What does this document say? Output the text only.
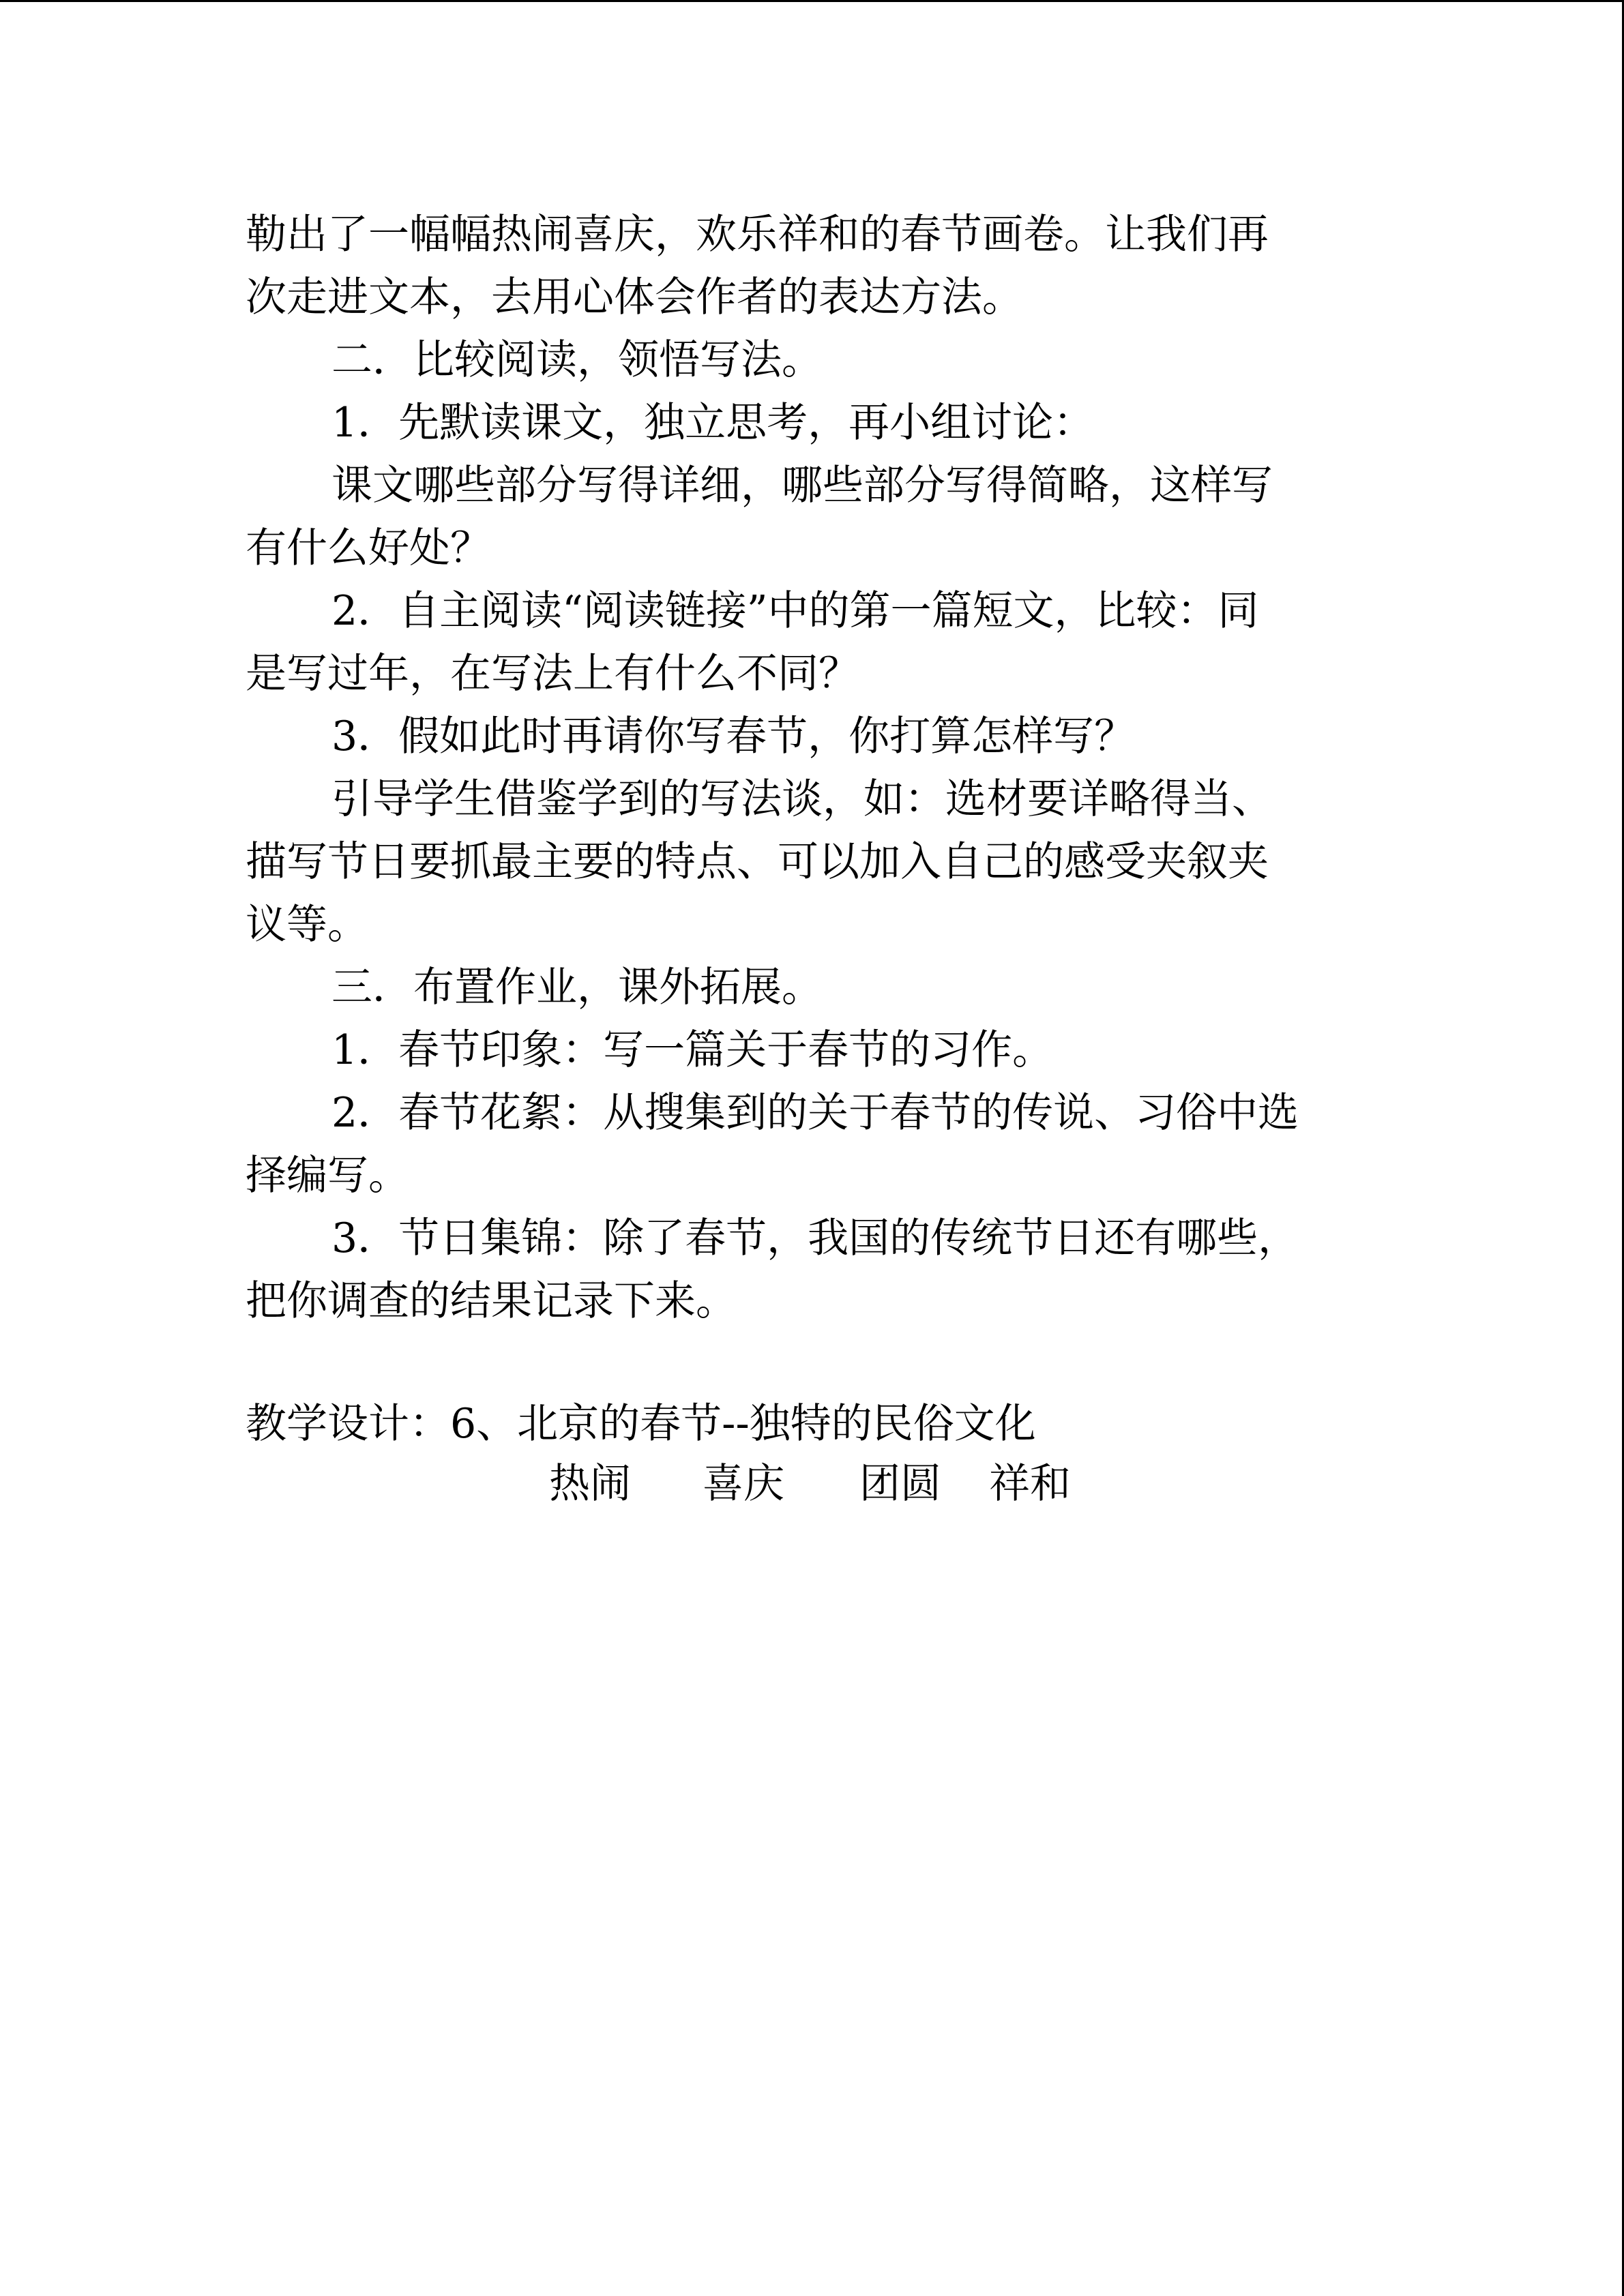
勒出了一幅幅热闹喜庆，欢乐祥和的春节画卷。让我们再
次走进文本，去用心体会作者的表达方法。
二．比较阅读，领悟写法。
1．先默读课文，独立思考，再小组讨论：
课文哪些部分写得详细，哪些部分写得简略，这样写
有什么好处？
2．自主阅读“阅读链接”中的第一篇短文，比较：同
是写过年，在写法上有什么不同？
3．假如此时再请你写春节，你打算怎样写？
引导学生借鉴学到的写法谈，如：选材要详略得当、
描写节日要抓最主要的特点、可以加入自己的感受夹叙夹
议等。
三．布置作业，课外拓展。
1．春节印象：写一篇关于春节的习作。
2．春节花絮：从搜集到的关于春节的传说、习俗中选
择编写。
3．节日集锦：除了春节，我国的传统节日还有哪些，
把你调查的结果记录下来。
教学设计：6、北京的春节--独特的民俗文化
热闹 喜庆 团圆 祥和
